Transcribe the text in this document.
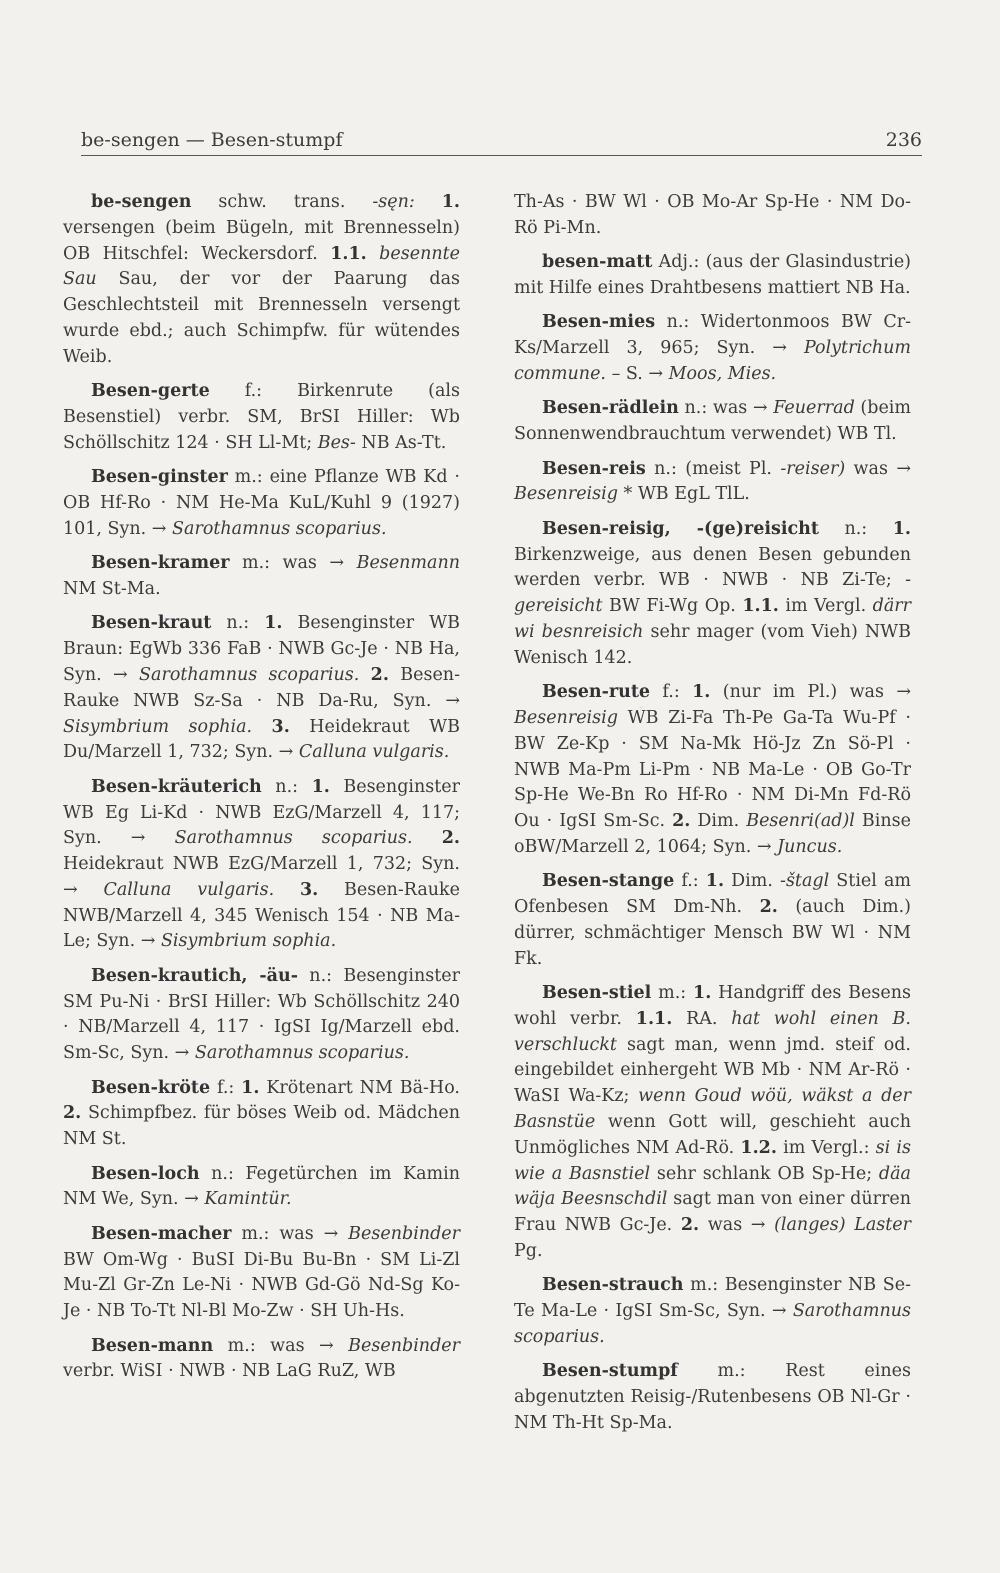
be-sengen — Besen-stumpf	236

be-sengen schw. trans. -sęn: 1. versengen (beim Bügeln, mit Brennesseln) OB Hitschfel: Weckersdorf. 1.1. besennte Sau Sau, der vor der Paarung das Geschlechtsteil mit Brennesseln versengt wurde ebd.; auch Schimpfw. für wütendes Weib.

Besen-gerte f.: Birkenrute (als Besenstiel) verbr. SM, BrSI Hiller: Wb Schöllschitz 124 · SH Ll-Mt; Bes- NB As-Tt.

Besen-ginster m.: eine Pflanze WB Kd · OB Hf-Ro · NM He-Ma KuL/Kuhl 9 (1927) 101, Syn. → Sarothamnus scoparius.

Besen-kramer m.: was → Besenmann NM St-Ma.

Besen-kraut n.: 1. Besenginster WB Braun: EgWb 336 FaB · NWB Gc-Je · NB Ha, Syn. → Sarothamnus scoparius. 2. Besen-Rauke NWB Sz-Sa · NB Da-Ru, Syn. → Sisymbrium sophia. 3. Heidekraut WB Du/Marzell 1, 732; Syn. → Calluna vulgaris.

Besen-kräuterich n.: 1. Besenginster WB Eg Li-Kd · NWB EzG/Marzell 4, 117; Syn. → Sarothamnus scoparius. 2. Heidekraut NWB EzG/Marzell 1, 732; Syn. → Calluna vulgaris. 3. Besen-Rauke NWB/Marzell 4, 345 Wenisch 154 · NB Ma-Le; Syn. → Sisymbrium sophia.

Besen-krautich, -äu- n.: Besenginster SM Pu-Ni · BrSI Hiller: Wb Schöllschitz 240 · NB/Marzell 4, 117 · IgSI Ig/Marzell ebd. Sm-Sc, Syn. → Sarothamnus scoparius.

Besen-kröte f.: 1. Krötenart NM Bä-Ho. 2. Schimpfbez. für böses Weib od. Mädchen NM St.

Besen-loch n.: Fegetürchen im Kamin NM We, Syn. → Kamintür.

Besen-macher m.: was → Besenbinder BW Om-Wg · BuSI Di-Bu Bu-Bn · SM Li-Zl Mu-Zl Gr-Zn Le-Ni · NWB Gd-Gö Nd-Sg Ko-Je · NB To-Tt Nl-Bl Mo-Zw · SH Uh-Hs.

Besen-mann m.: was → Besenbinder verbr. WiSI · NWB · NB LaG RuZ, WB

Th-As · BW Wl · OB Mo-Ar Sp-He · NM Do-Rö Pi-Mn.

besen-matt Adj.: (aus der Glasindustrie) mit Hilfe eines Drahtbesens mattiert NB Ha.

Besen-mies n.: Widertonmoos BW Cr-Ks/Marzell 3, 965; Syn. → Polytrichum commune. – S. → Moos, Mies.

Besen-rädlein n.: was → Feuerrad (beim Sonnenwendbrauchtum verwendet) WB Tl.

Besen-reis n.: (meist Pl. -reiser) was → Besenreisig * WB EgL TlL.

Besen-reisig, -(ge)reisicht n.: 1. Birkenzweige, aus denen Besen gebunden werden verbr. WB · NWB · NB Zi-Te; -gereisicht BW Fi-Wg Op. 1.1. im Vergl. därr wi besnreisich sehr mager (vom Vieh) NWB Wenisch 142.

Besen-rute f.: 1. (nur im Pl.) was → Besenreisig WB Zi-Fa Th-Pe Ga-Ta Wu-Pf · BW Ze-Kp · SM Na-Mk Hö-Jz Zn Sö-Pl · NWB Ma-Pm Li-Pm · NB Ma-Le · OB Go-Tr Sp-He We-Bn Ro Hf-Ro · NM Di-Mn Fd-Rö Ou · IgSI Sm-Sc. 2. Dim. Besenri(ad)l Binse oBW/Marzell 2, 1064; Syn. → Juncus.

Besen-stange f.: 1. Dim. -štagl Stiel am Ofenbesen SM Dm-Nh. 2. (auch Dim.) dürrer, schmächtiger Mensch BW Wl · NM Fk.

Besen-stiel m.: 1. Handgriff des Besens wohl verbr. 1.1. RA. hat wohl einen B. verschluckt sagt man, wenn jmd. steif od. eingebildet einhergeht WB Mb · NM Ar-Rö · WaSI Wa-Kz; wenn Goud wöü, wäkst a der Basnstüe wenn Gott will, geschieht auch Unmögliches NM Ad-Rö. 1.2. im Vergl.: si is wie a Basnstiel sehr schlank OB Sp-He; däa wäja Beesnschdil sagt man von einer dürren Frau NWB Gc-Je. 2. was → (langes) Laster Pg.

Besen-strauch m.: Besenginster NB Se-Te Ma-Le · IgSI Sm-Sc, Syn. → Sarothamnus scoparius.

Besen-stumpf m.: Rest eines abgenutzten Reisig-/Rutenbesens OB Nl-Gr · NM Th-Ht Sp-Ma.
